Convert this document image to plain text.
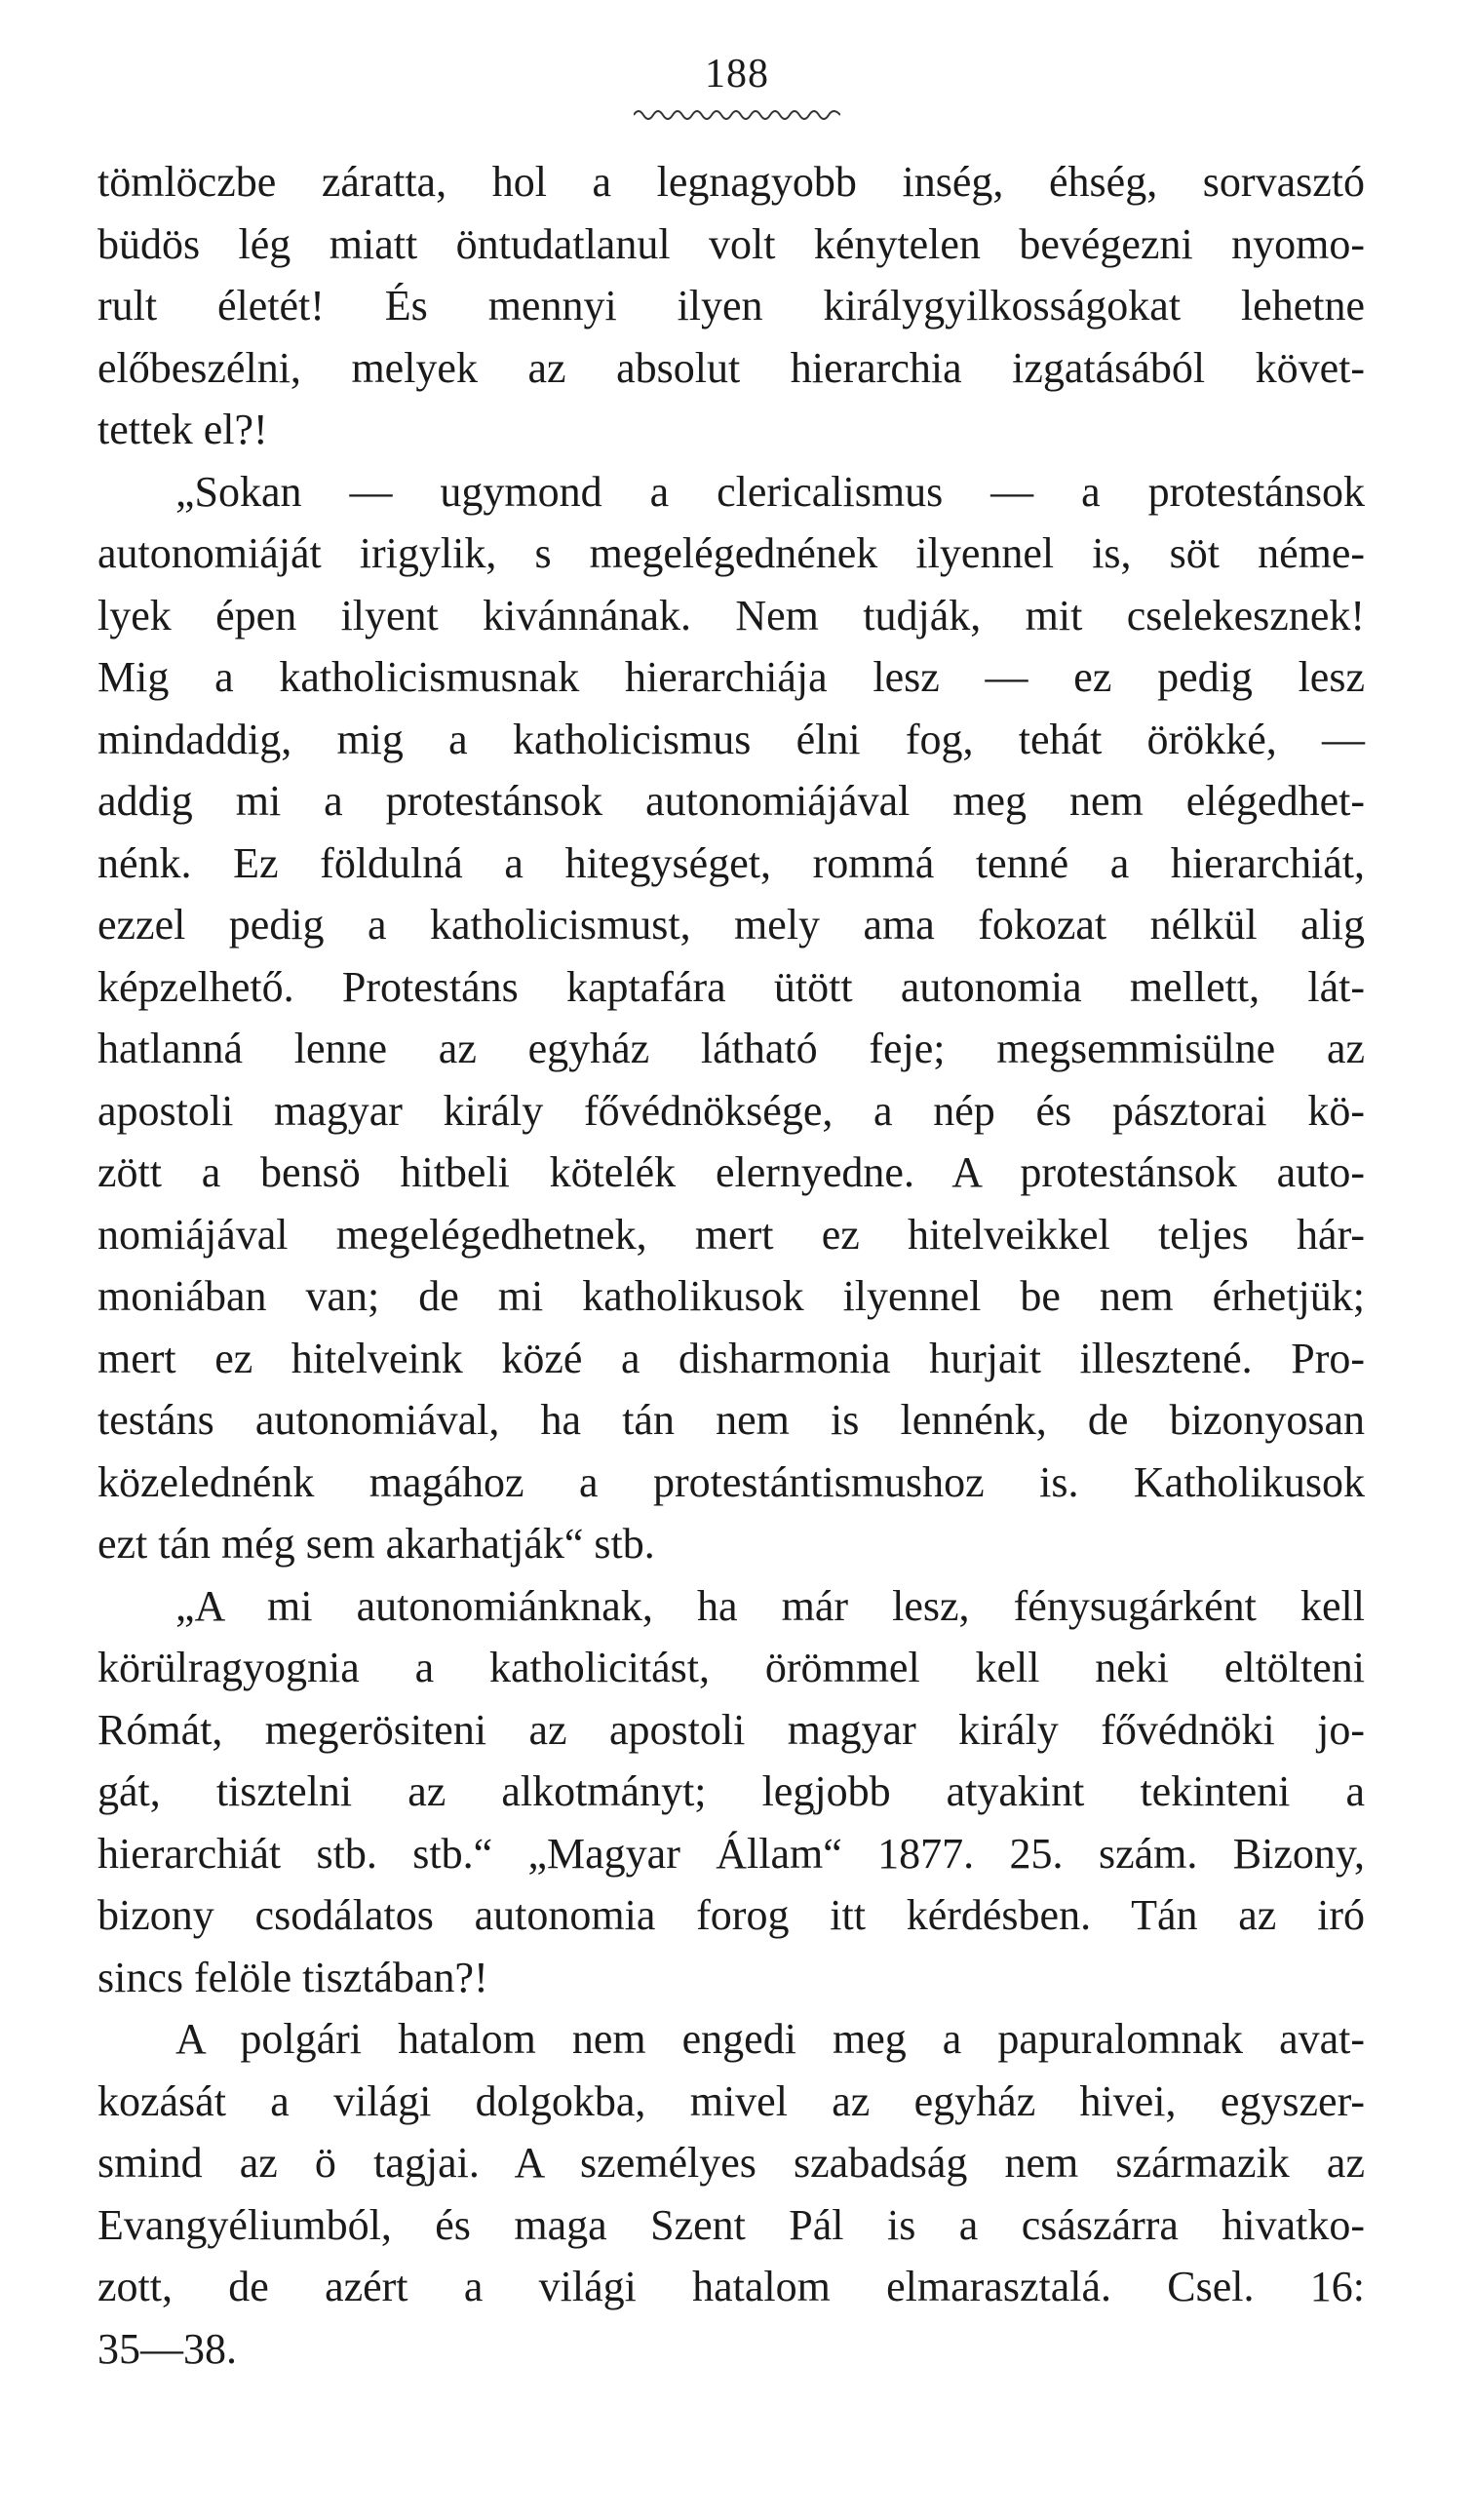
188
tömlöczbe záratta, hol a legnagyobb inség, éhség, sorvasztó
büdös lég miatt öntudatlanul volt kénytelen bevégezni nyomo-
rult életét! És mennyi ilyen királygyilkosságokat lehetne
előbeszélni, melyek az absolut hierarchia izgatásából követ-
tettek el?!
„Sokan — ugymond a clericalismus — a protestánsok
autonomiáját irigylik, s megelégednének ilyennel is, söt néme-
lyek épen ilyent kivánnának. Nem tudják, mit cselekesznek!
Mig a katholicismusnak hierarchiája lesz — ez pedig lesz
mindaddig, mig a katholicismus élni fog, tehát örökké, —
addig mi a protestánsok autonomiájával meg nem elégedhet-
nénk. Ez földulná a hitegységet, rommá tenné a hierarchiát,
ezzel pedig a katholicismust, mely ama fokozat nélkül alig
képzelhető. Protestáns kaptafára ütött autonomia mellett, lát-
hatlanná lenne az egyház látható feje; megsemmisülne az
apostoli magyar király fővédnöksége, a nép és pásztorai kö-
zött a bensö hitbeli kötelék elernyedne. A protestánsok auto-
nomiájával megelégedhetnek, mert ez hitelveikkel teljes hár-
moniában van; de mi katholikusok ilyennel be nem érhetjük;
mert ez hitelveink közé a disharmonia hurjait illesztené. Pro-
testáns autonomiával, ha tán nem is lennénk, de bizonyosan
közelednénk magához a protestántismushoz is. Katholikusok
ezt tán még sem akarhatják“ stb.
„A mi autonomiánknak, ha már lesz, fénysugárként kell
körülragyognia a katholicitást, örömmel kell neki eltölteni
Rómát, megerösiteni az apostoli magyar király fővédnöki jo-
gát, tisztelni az alkotmányt; legjobb atyakint tekinteni a
hierarchiát stb. stb.“ „Magyar Állam“ 1877. 25. szám. Bizony,
bizony csodálatos autonomia forog itt kérdésben. Tán az iró
sincs felöle tisztában?!
A polgári hatalom nem engedi meg a papuralomnak avat-
kozását a világi dolgokba, mivel az egyház hivei, egyszer-
smind az ö tagjai. A személyes szabadság nem származik az
Evangyéliumból, és maga Szent Pál is a császárra hivatko-
zott, de azért a világi hatalom elmarasztalá. Csel. 16:
35—38.
